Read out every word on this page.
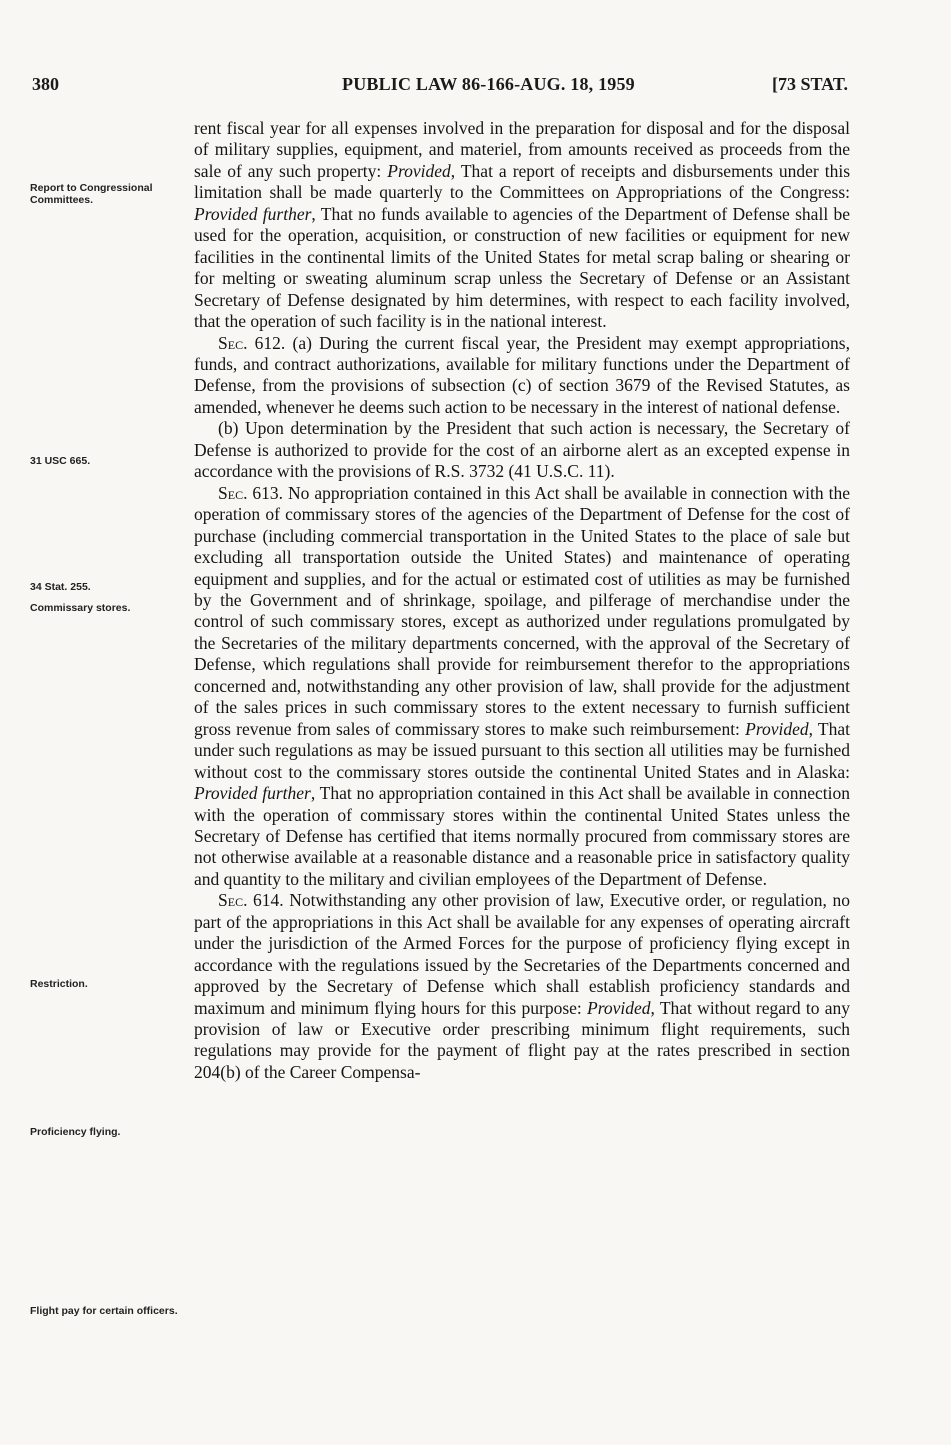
380	PUBLIC LAW 86-166-AUG. 18, 1959	[73 STAT.
Report to Congressional Committees.
31 USC 665.
34 Stat. 255.
Commissary stores.
Restriction.
Proficiency flying.
Flight pay for certain officers.

rent fiscal year for all expenses involved in the preparation for disposal and for the disposal of military supplies, equipment, and materiel, from amounts received as proceeds from the sale of any such property: Provided, That a report of receipts and disbursements under this limitation shall be made quarterly to the Committees on Appropriations of the Congress: Provided further, That no funds available to agencies of the Department of Defense shall be used for the operation, acquisition, or construction of new facilities or equipment for new facilities in the continental limits of the United States for metal scrap baling or shearing or for melting or sweating aluminum scrap unless the Secretary of Defense or an Assistant Secretary of Defense designated by him determines, with respect to each facility involved, that the operation of such facility is in the national interest.

Sec. 612. (a) During the current fiscal year, the President may exempt appropriations, funds, and contract authorizations, available for military functions under the Department of Defense, from the provisions of subsection (c) of section 3679 of the Revised Statutes, as amended, whenever he deems such action to be necessary in the interest of national defense.

(b) Upon determination by the President that such action is necessary, the Secretary of Defense is authorized to provide for the cost of an airborne alert as an excepted expense in accordance with the provisions of R.S. 3732 (41 U.S.C. 11).

Sec. 613. No appropriation contained in this Act shall be available in connection with the operation of commissary stores of the agencies of the Department of Defense for the cost of purchase (including commercial transportation in the United States to the place of sale but excluding all transportation outside the United States) and maintenance of operating equipment and supplies, and for the actual or estimated cost of utilities as may be furnished by the Government and of shrinkage, spoilage, and pilferage of merchandise under the control of such commissary stores, except as authorized under regulations promulgated by the Secretaries of the military departments concerned, with the approval of the Secretary of Defense, which regulations shall provide for reimbursement therefor to the appropriations concerned and, notwithstanding any other provision of law, shall provide for the adjustment of the sales prices in such commissary stores to the extent necessary to furnish sufficient gross revenue from sales of commissary stores to make such reimbursement: Provided, That under such regulations as may be issued pursuant to this section all utilities may be furnished without cost to the commissary stores outside the continental United States and in Alaska: Provided further, That no appropriation contained in this Act shall be available in connection with the operation of commissary stores within the continental United States unless the Secretary of Defense has certified that items normally procured from commissary stores are not otherwise available at a reasonable distance and a reasonable price in satisfactory quality and quantity to the military and civilian employees of the Department of Defense.

Sec. 614. Notwithstanding any other provision of law, Executive order, or regulation, no part of the appropriations in this Act shall be available for any expenses of operating aircraft under the jurisdiction of the Armed Forces for the purpose of proficiency flying except in accordance with the regulations issued by the Secretaries of the Departments concerned and approved by the Secretary of Defense which shall establish proficiency standards and maximum and minimum flying hours for this purpose: Provided, That without regard to any provision of law or Executive order prescribing minimum flight requirements, such regulations may provide for the payment of flight pay at the rates prescribed in section 204(b) of the Career Compensa-
